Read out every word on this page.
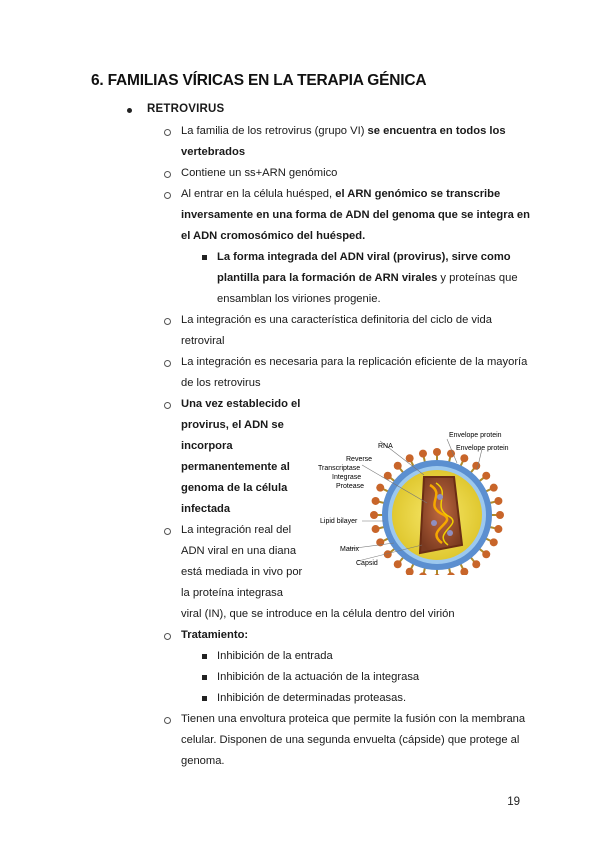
6. FAMILIAS VÍRICAS EN LA TERAPIA GÉNICA
RETROVIRUS
La familia de los retrovirus (grupo VI) se encuentra en todos los
vertebrados
Contiene un ss+ARN genómico
Al entrar en la célula huésped, el ARN genómico se transcribe
inversamente en una forma de ADN del genoma que se integra en
el ADN cromosómico del huésped.
La forma integrada del ADN viral (provirus), sirve como
plantilla para la formación de ARN virales y proteínas que
ensamblan los viriones progenie.
La integración es una característica definitoria del ciclo de vida
retroviral
La integración es necesaria para la replicación eficiente de la mayoría
de los retrovirus
Una vez establecido el
provirus, el ADN se
incorpora
permanentemente al
genoma de la célula
infectada
La integración real del
ADN viral en una diana
está mediada in vivo por
la proteína integrasa
viral (IN), que se introduce en la célula dentro del virión
Tratamiento:
Inhibición de la entrada
Inhibición de la actuación de la integrasa
Inhibición de determinadas proteasas.
Tienen una envoltura proteica que permite la fusión con la membrana
celular. Disponen de una segunda envuelta (cápside) que protege al
genoma.
Envelope protein
Envelope protein
RNA
Reverse
Transcriptase
Integrase
Protease
Lipid bilayer
Matrix
Capsid
19
